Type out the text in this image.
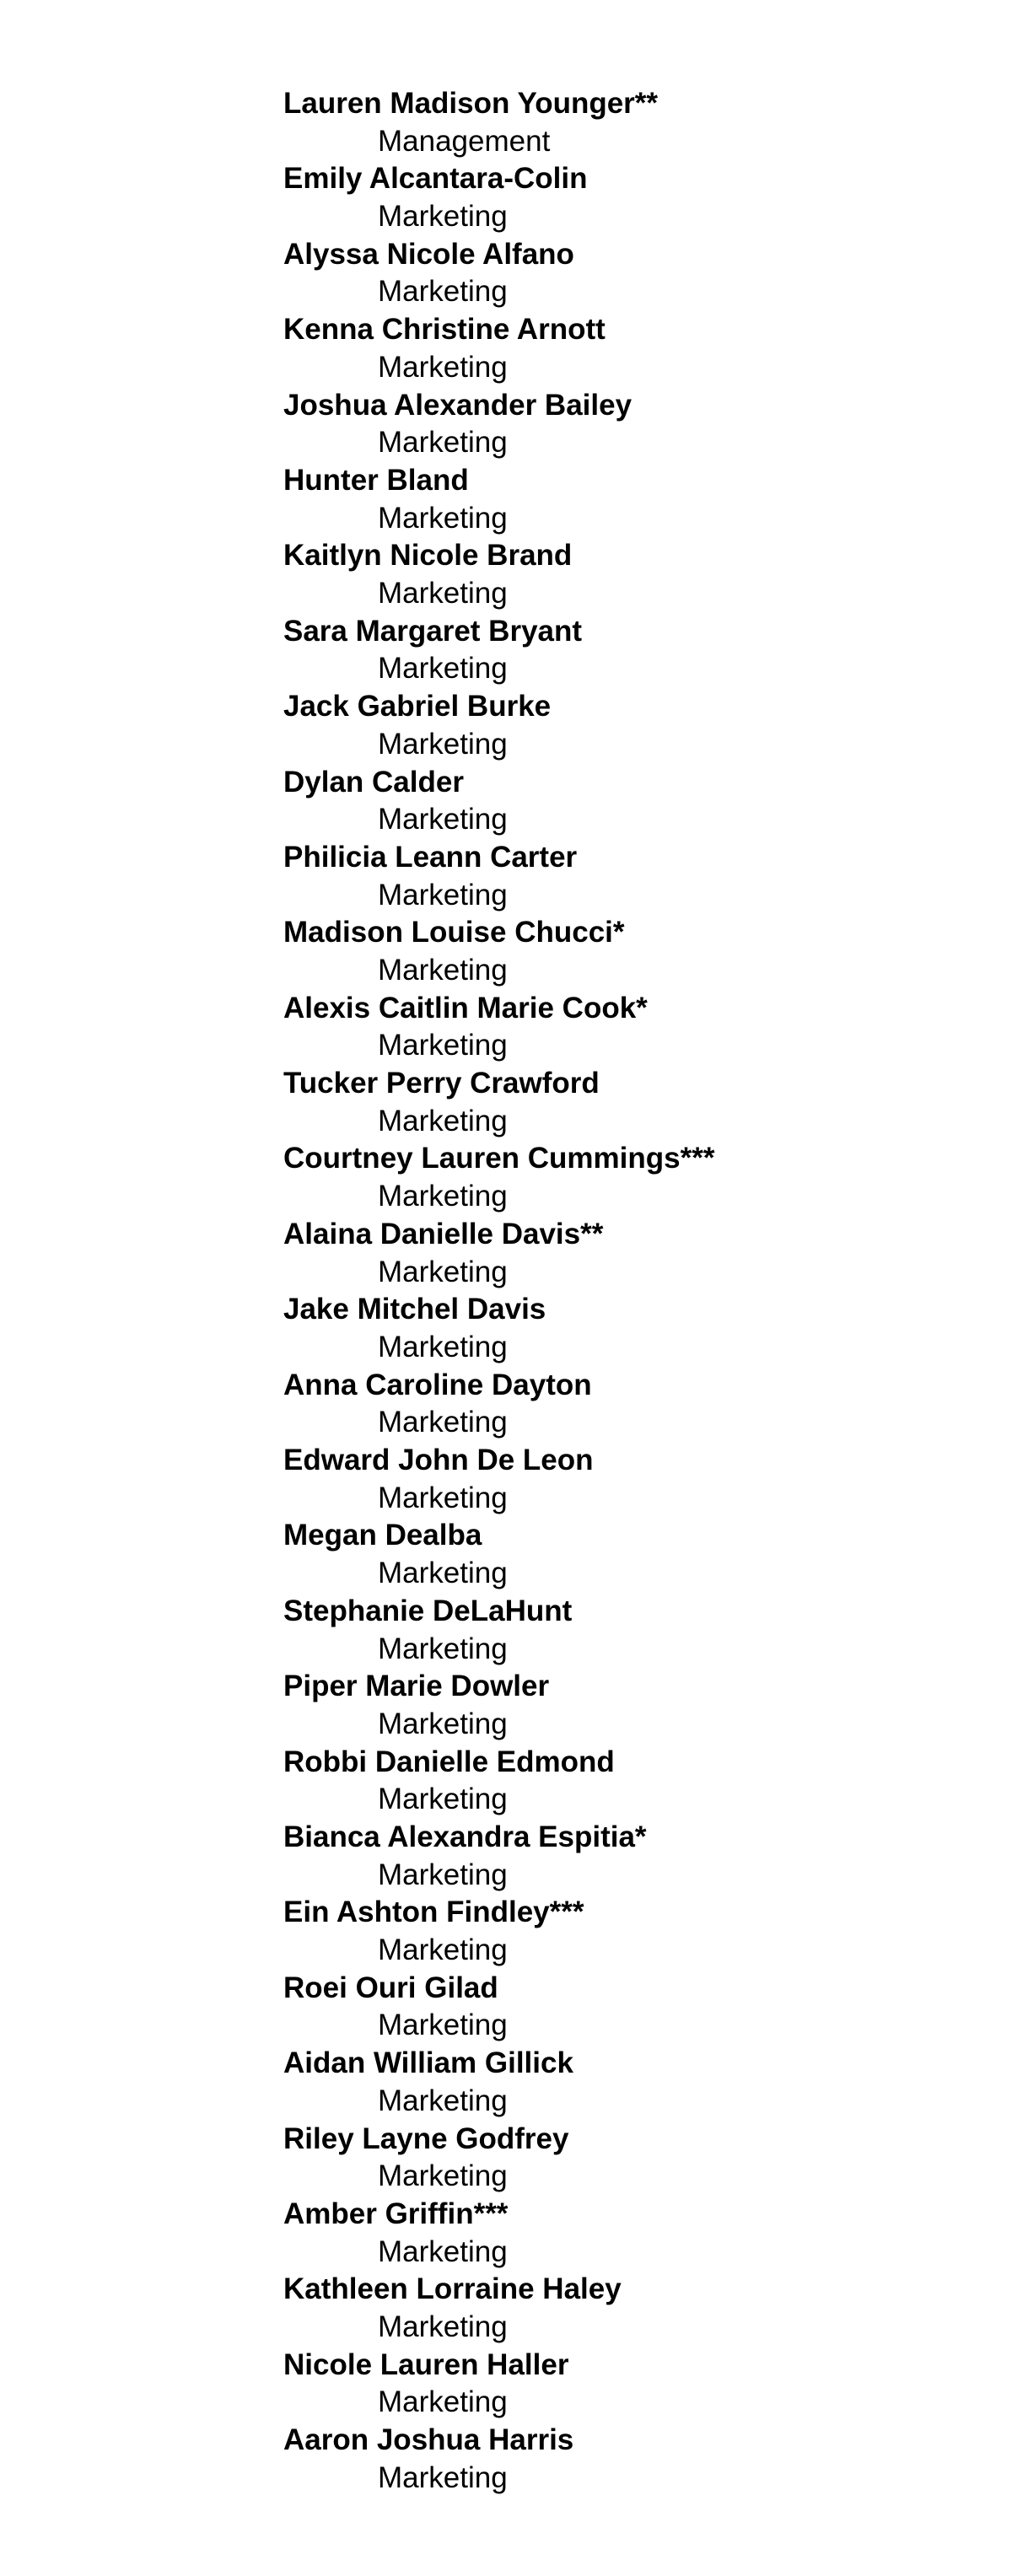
Lauren Madison Younger**
Management
Emily Alcantara-Colin
Marketing
Alyssa Nicole Alfano
Marketing
Kenna Christine Arnott
Marketing
Joshua Alexander Bailey
Marketing
Hunter Bland
Marketing
Kaitlyn Nicole Brand
Marketing
Sara Margaret Bryant
Marketing
Jack Gabriel Burke
Marketing
Dylan Calder
Marketing
Philicia Leann Carter
Marketing
Madison Louise Chucci*
Marketing
Alexis Caitlin Marie Cook*
Marketing
Tucker Perry Crawford
Marketing
Courtney Lauren Cummings***
Marketing
Alaina Danielle Davis**
Marketing
Jake Mitchel Davis
Marketing
Anna Caroline Dayton
Marketing
Edward John De Leon
Marketing
Megan Dealba
Marketing
Stephanie DeLaHunt
Marketing
Piper Marie Dowler
Marketing
Robbi Danielle Edmond
Marketing
Bianca Alexandra Espitia*
Marketing
Ein Ashton Findley***
Marketing
Roei Ouri Gilad
Marketing
Aidan William Gillick
Marketing
Riley Layne Godfrey
Marketing
Amber Griffin***
Marketing
Kathleen Lorraine Haley
Marketing
Nicole Lauren Haller
Marketing
Aaron Joshua Harris
Marketing
